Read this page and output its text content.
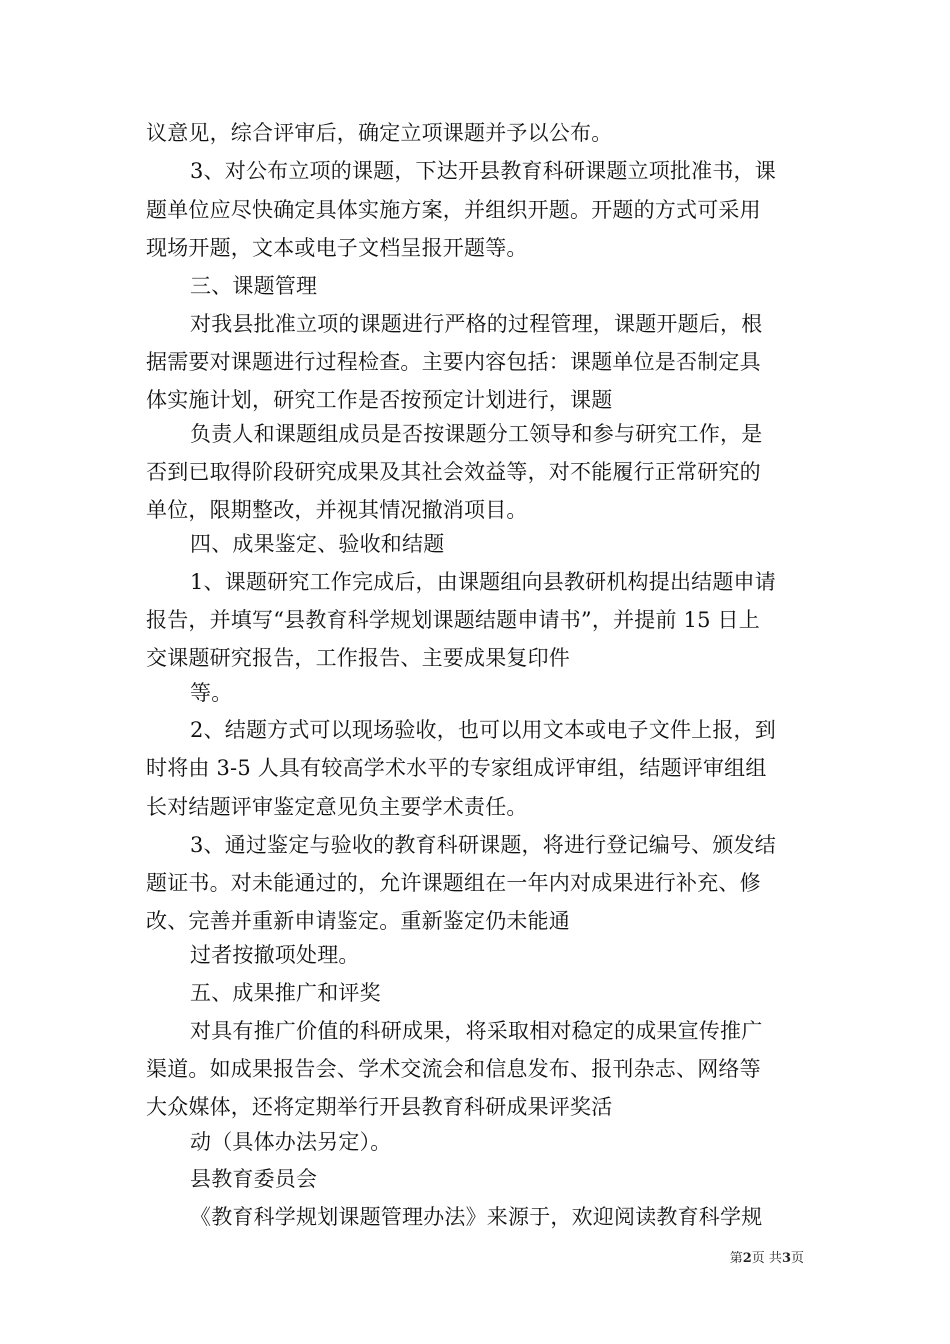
议意见，综合评审后，确定立项课题并予以公布。
3、对公布立项的课题，下达开县教育科研课题立项批准书，课
题单位应尽快确定具体实施方案，并组织开题。开题的方式可采用
现场开题，文本或电子文档呈报开题等。
三、课题管理
对我县批准立项的课题进行严格的过程管理，课题开题后，根
据需要对课题进行过程检查。主要内容包括：课题单位是否制定具
体实施计划，研究工作是否按预定计划进行，课题
负责人和课题组成员是否按课题分工领导和参与研究工作，是
否到已取得阶段研究成果及其社会效益等，对不能履行正常研究的
单位，限期整改，并视其情况撤消项目。
四、成果鉴定、验收和结题
1、课题研究工作完成后，由课题组向县教研机构提出结题申请
报告，并填写“县教育科学规划课题结题申请书”，并提前 15 日上
交课题研究报告，工作报告、主要成果复印件
等。
2、结题方式可以现场验收，也可以用文本或电子文件上报，到
时将由 3-5 人具有较高学术水平的专家组成评审组，结题评审组组
长对结题评审鉴定意见负主要学术责任。
3、通过鉴定与验收的教育科研课题，将进行登记编号、颁发结
题证书。对未能通过的，允许课题组在一年内对成果进行补充、修
改、完善并重新申请鉴定。重新鉴定仍未能通
过者按撤项处理。
五、成果推广和评奖
对具有推广价值的科研成果，将采取相对稳定的成果宣传推广
渠道。如成果报告会、学术交流会和信息发布、报刊杂志、网络等
大众媒体，还将定期举行开县教育科研成果评奖活
动（具体办法另定）。
县教育委员会
《教育科学规划课题管理办法》来源于，欢迎阅读教育科学规
第2页 共3页
